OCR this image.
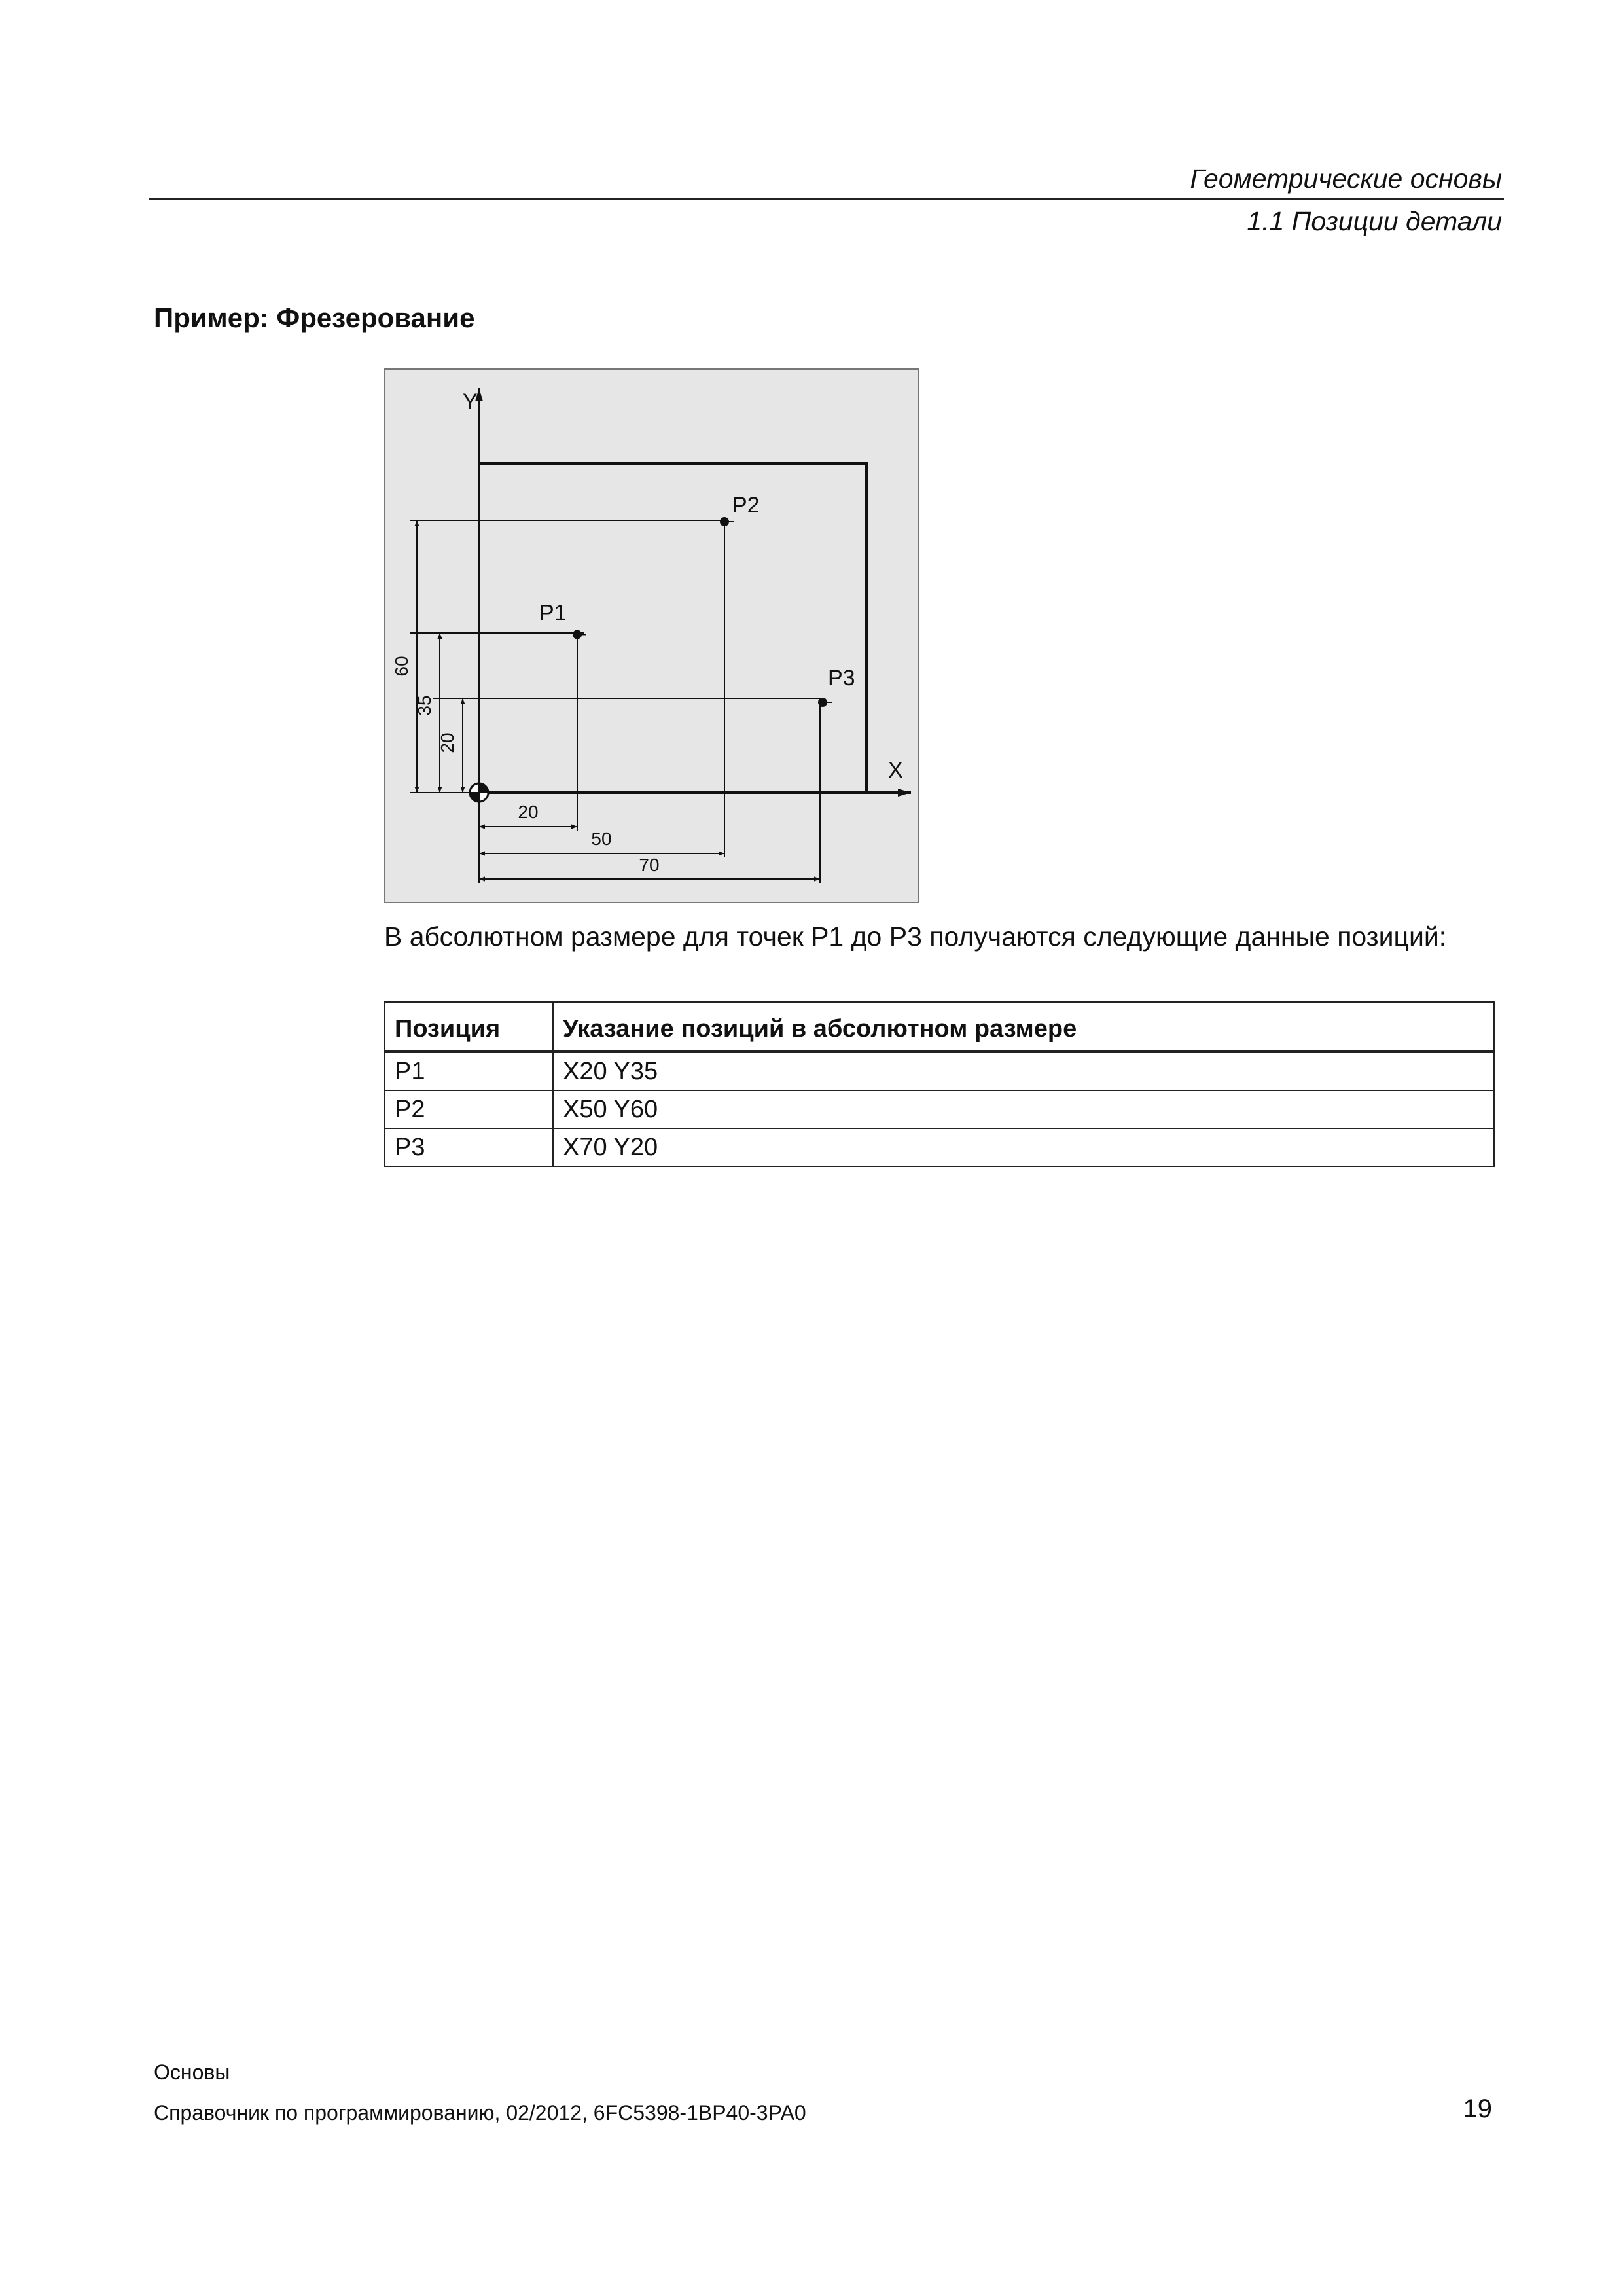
Геометрические основы
1.1 Позиции детали
Пример: Фрезерование
Y
X
60
35
20
20
50
70
P1
P2
P3
В абсолютном размере для точек P1 до P3 получаются следующие данные позиций:
Позиция	Указание позиций в абсолютном размере
P1	X20 Y35
P2	X50 Y60
P3	X70 Y20
Основы
Справочник по программированию, 02/2012, 6FC5398-1BP40-3PA0	19
